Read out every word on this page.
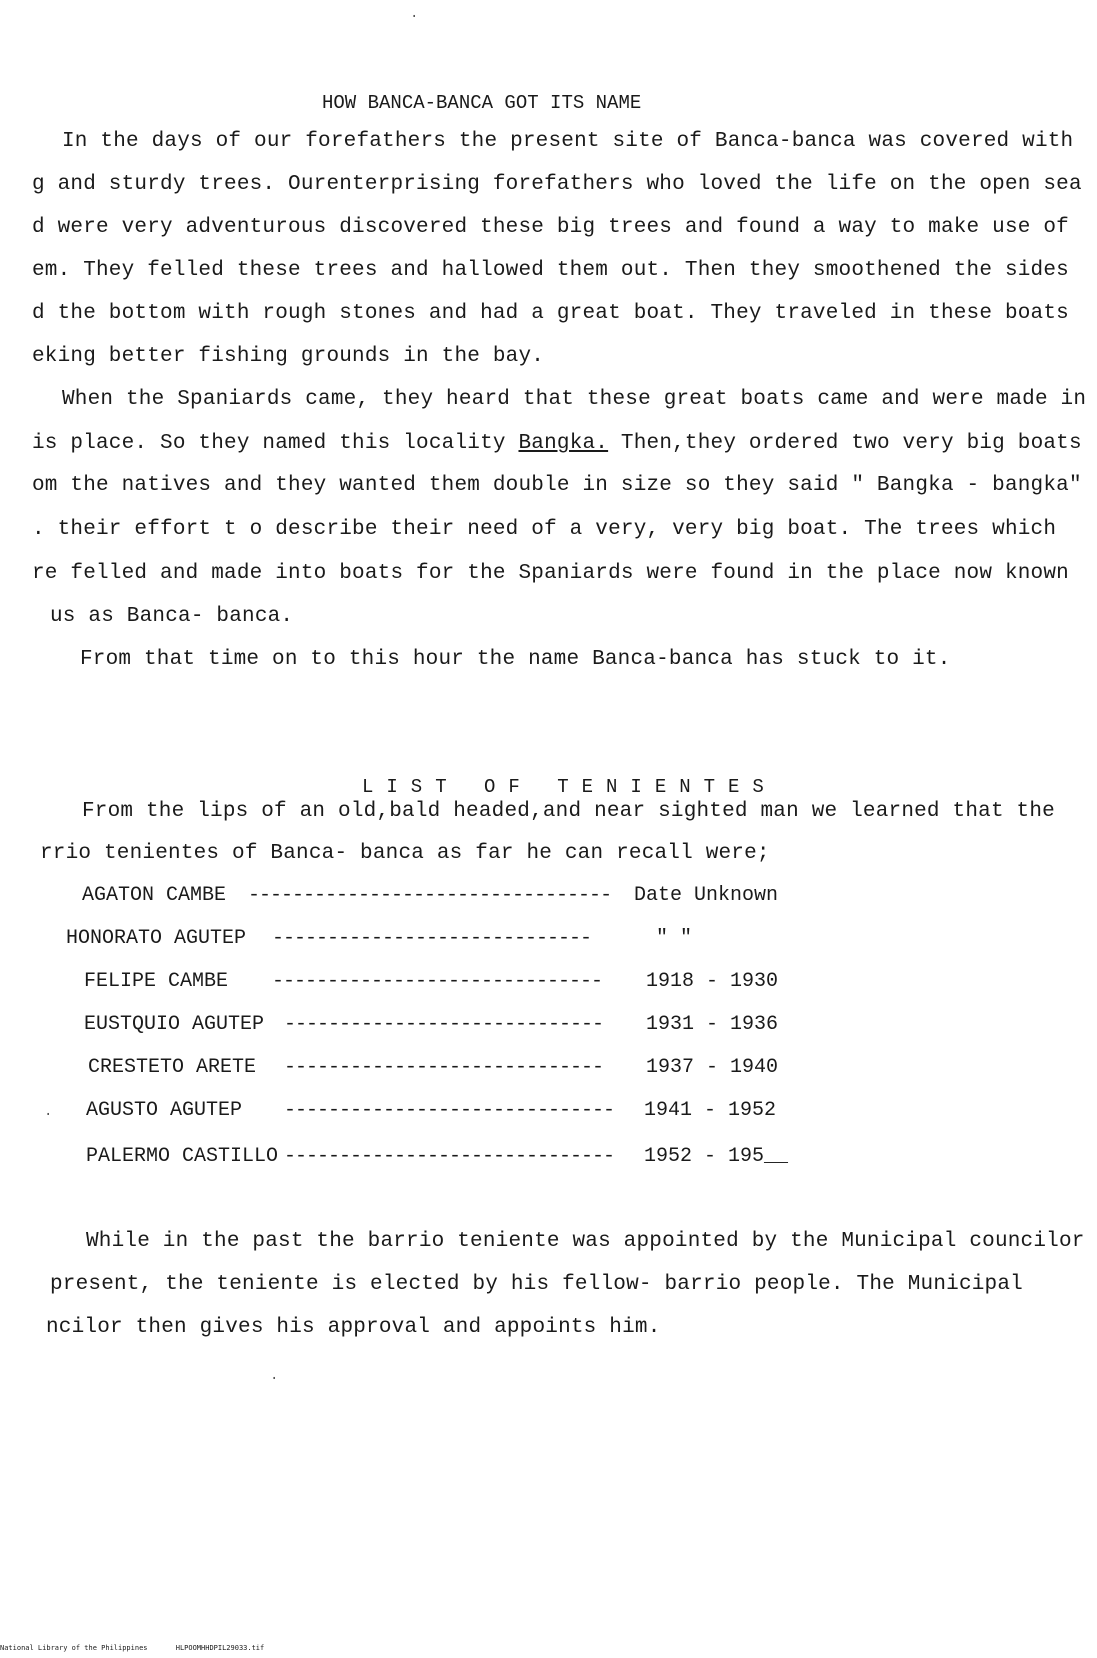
HOW BANCA-BANCA GOT ITS NAME
In the days of our forefathers the present site of Banca-banca was covered with
g and sturdy trees. Ourenterprising forefathers who loved the life on the open sea
d were very adventurous discovered these big trees and found a way to make use of
em. They felled these trees and hallowed them out. Then they smoothened the sides
d the bottom with rough stones and had a great boat. They traveled in these boats
eking better fishing grounds in the bay.
When the Spaniards came, they heard that these great boats came and were made in
is place. So they named this locality Bangka. Then,they ordered two very big boats
om the natives and they wanted them double in size so they said " Bangka - bangka"
. their effort t o describe their need of a very, very big boat. The trees which
re felled and made into boats for the Spaniards were found in the place now known
us as Banca- banca.
From that time on to this hour the name Banca-banca has stuck to it.
LIST OF TENIENTES
From the lips of an old,bald headed,and near sighted man we learned that the
rrio tenientes of Banca- banca as far he can recall were;
AGATON CAMBE --------------------------------- Date Unknown
HONORATO AGUTEP -----------------------------	" "
FELIPE CAMBE ------------------------------ 1918 - 1930
EUSTQUIO AGUTEP ----------------------------- 1931 - 1936
CRESTETO ARETE ----------------------------- 1937 - 1940
AGUSTO AGUTEP ------------------------------ 1941 - 1952
PALERMO CASTILLO ------------------------------ 1952 - 195__
While in the past the barrio teniente was appointed by the Municipal councilor
present, the teniente is elected by his fellow- barrio people. The Municipal
ncilor then gives his approval and appoints him.
.
.
.
National Library of the Philippines	HLPOOMHHDPIL29033.tif
